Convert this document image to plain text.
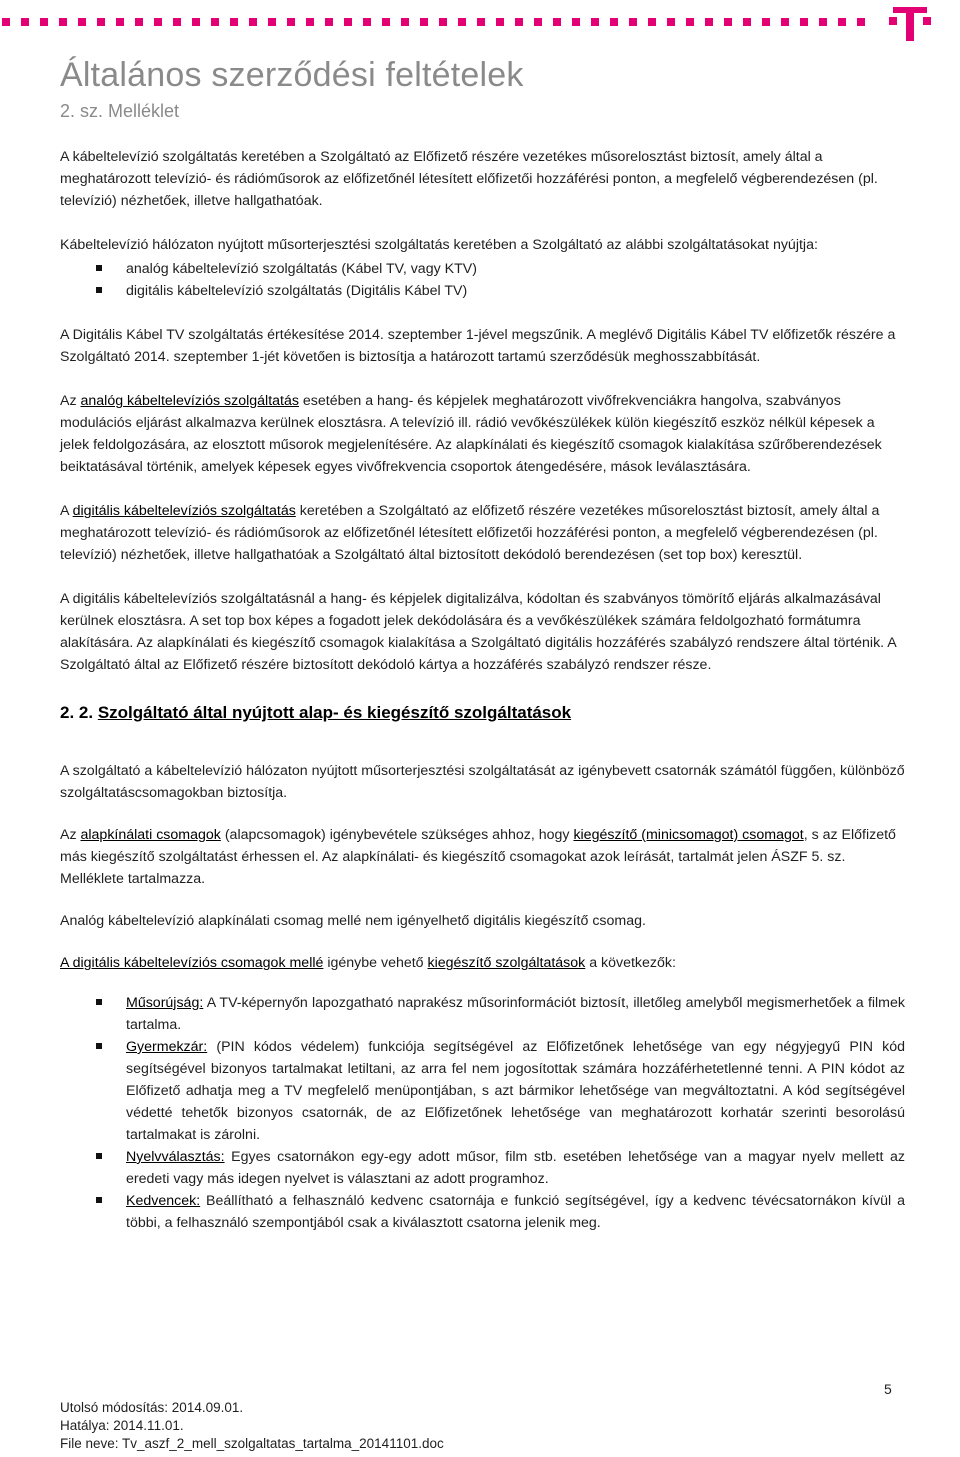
Általános szerződési feltételek
2. sz. Melléklet

A kábeltelevízió szolgáltatás keretében a Szolgáltató az Előfizető részére vezetékes műsorelosztást biztosít, amely által a meghatározott televízió- és rádióműsorok az előfizetőnél létesített előfizetői hozzáférési ponton, a megfelelő végberendezésen (pl. televízió) nézhetőek, illetve hallgathatóak.

Kábeltelevízió hálózaton nyújtott műsorterjesztési szolgáltatás keretében a Szolgáltató az alábbi szolgáltatásokat nyújtja:

analóg kábeltelevízió szolgáltatás (Kábel TV, vagy KTV)
digitális kábeltelevízió szolgáltatás (Digitális Kábel TV)

A Digitális Kábel TV szolgáltatás értékesítése 2014. szeptember 1-jével megszűnik. A meglévő Digitális Kábel TV előfizetők részére a Szolgáltató 2014. szeptember 1-jét követően is biztosítja a határozott tartamú szerződésük meghosszabbítását.

Az analóg kábeltelevíziós szolgáltatás esetében a hang- és képjelek meghatározott vivőfrekvenciákra hangolva, szabványos modulációs eljárást alkalmazva kerülnek elosztásra. A televízió ill. rádió vevőkészülékek külön kiegészítő eszköz nélkül képesek a jelek feldolgozására, az elosztott műsorok megjelenítésére. Az alapkínálati és kiegészítő csomagok kialakítása szűrőberendezések beiktatásával történik, amelyek képesek egyes vivőfrekvencia csoportok átengedésére, mások leválasztására.

A digitális kábeltelevíziós szolgáltatás keretében a Szolgáltató az előfizető részére vezetékes műsorelosztást biztosít, amely által a meghatározott televízió- és rádióműsorok az előfizetőnél létesített előfizetői hozzáférési ponton, a megfelelő végberendezésen (pl. televízió) nézhetőek, illetve hallgathatóak a Szolgáltató által biztosított dekódoló berendezésen (set top box) keresztül.

A digitális kábeltelevíziós szolgáltatásnál a hang- és képjelek digitalizálva, kódoltan és szabványos tömörítő eljárás alkalmazásával kerülnek elosztásra. A set top box képes a fogadott jelek dekódolására és a vevőkészülékek számára feldolgozható formátumra alakítására. Az alapkínálati és kiegészítő csomagok kialakítása a Szolgáltató digitális hozzáférés szabályzó rendszere által történik. A Szolgáltató által az Előfizető részére biztosított dekódoló kártya a hozzáférés szabályzó rendszer része.

2. 2. Szolgáltató által nyújtott alap- és kiegészítő szolgáltatások

A szolgáltató a kábeltelevízió hálózaton nyújtott műsorterjesztési szolgáltatását az igénybevett csatornák számától függően, különböző szolgáltatáscsomagokban biztosítja.

Az alapkínálati csomagok (alapcsomagok) igénybevétele szükséges ahhoz, hogy kiegészítő (minicsomagot) csomagot, s az Előfizető más kiegészítő szolgáltatást érhessen el. Az alapkínálati- és kiegészítő csomagokat azok leírását, tartalmát jelen ÁSZF 5. sz. Melléklete tartalmazza.

Analóg kábeltelevízió alapkínálati csomag mellé nem igényelhető digitális kiegészítő csomag.

A digitális kábeltelevíziós csomagok mellé igénybe vehető kiegészítő szolgáltatások a következők:

Műsorújság: A TV-képernyőn lapozgatható naprakész műsorinformációt biztosít, illetőleg amelyből megismerhetőek a filmek tartalma.
Gyermekzár: (PIN kódos védelem) funkciója segítségével az Előfizetőnek lehetősége van egy négyjegyű PIN kód segítségével bizonyos tartalmakat letiltani, az arra fel nem jogosítottak számára hozzáférhetetlenné tenni. A PIN kódot az Előfizető adhatja meg a TV megfelelő menüpontjában, s azt bármikor lehetősége van megváltoztatni. A kód segítségével védetté tehetők bizonyos csatornák, de az Előfizetőnek lehetősége van meghatározott korhatár szerinti besorolású tartalmakat is zárolni.
Nyelvválasztás: Egyes csatornákon egy-egy adott műsor, film stb. esetében lehetősége van a magyar nyelv mellett az eredeti vagy más idegen nyelvet is választani az adott programhoz.
Kedvencek: Beállítható a felhasználó kedvenc csatornája e funkció segítségével, így a kedvenc tévécsatornákon kívül a többi, a felhasználó szempontjából csak a kiválasztott csatorna jelenik meg.
5
Utolsó módosítás: 2014.09.01.
Hatálya: 2014.11.01.
File neve: Tv_aszf_2_mell_szolgaltatas_tartalma_20141101.doc
